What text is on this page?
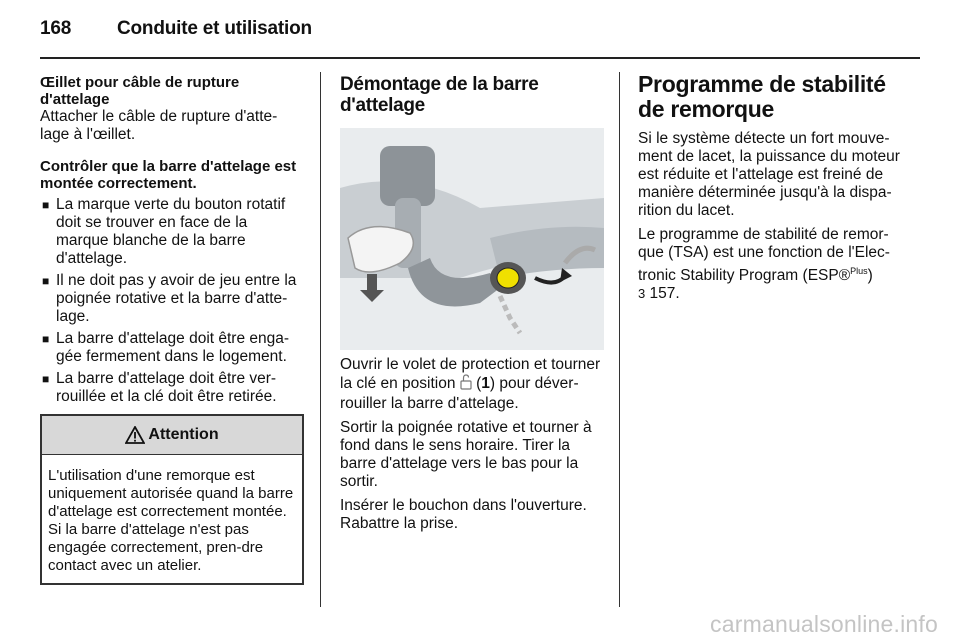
168 Conduite et utilisation

Œillet pour câble de rupture d'attelage

Attacher le câble de rupture d'atte-lage à l'œillet.

Contrôler que la barre d'attelage est montée correctement.

■ La marque verte du bouton rotatif doit se trouver en face de la marque blanche de la barre d'attelage.
■ Il ne doit pas y avoir de jeu entre la poignée rotative et la barre d'atte-lage.
■ La barre d'attelage doit être enga-gée fermement dans le logement.
■ La barre d'attelage doit être ver-rouillée et la clé doit être retirée.
Attention
L'utilisation d'une remorque est uniquement autorisée quand la barre d'attelage est correctement montée. Si la barre d'attelage n'est pas engagée correctement, pren-dre contact avec un atelier.

Démontage de la barre d'attelage

Ouvrir le volet de protection et tourner la clé en position  (1) pour déver-rouiller la barre d'attelage.

Sortir la poignée rotative et tourner à fond dans le sens horaire. Tirer la barre d'attelage vers le bas pour la sortir.

Insérer le bouchon dans l'ouverture. Rabattre la prise.

Programme de stabilité de remorque

Si le système détecte un fort mouve-ment de lacet, la puissance du moteur est réduite et l'attelage est freiné de manière déterminée jusqu'à la dispa-rition du lacet.

Le programme de stabilité de remor-que (TSA) est une fonction de l'Elec-tronic Stability Program (ESP®$^{Plus}$)
3 157.

carmanualsonline.info
